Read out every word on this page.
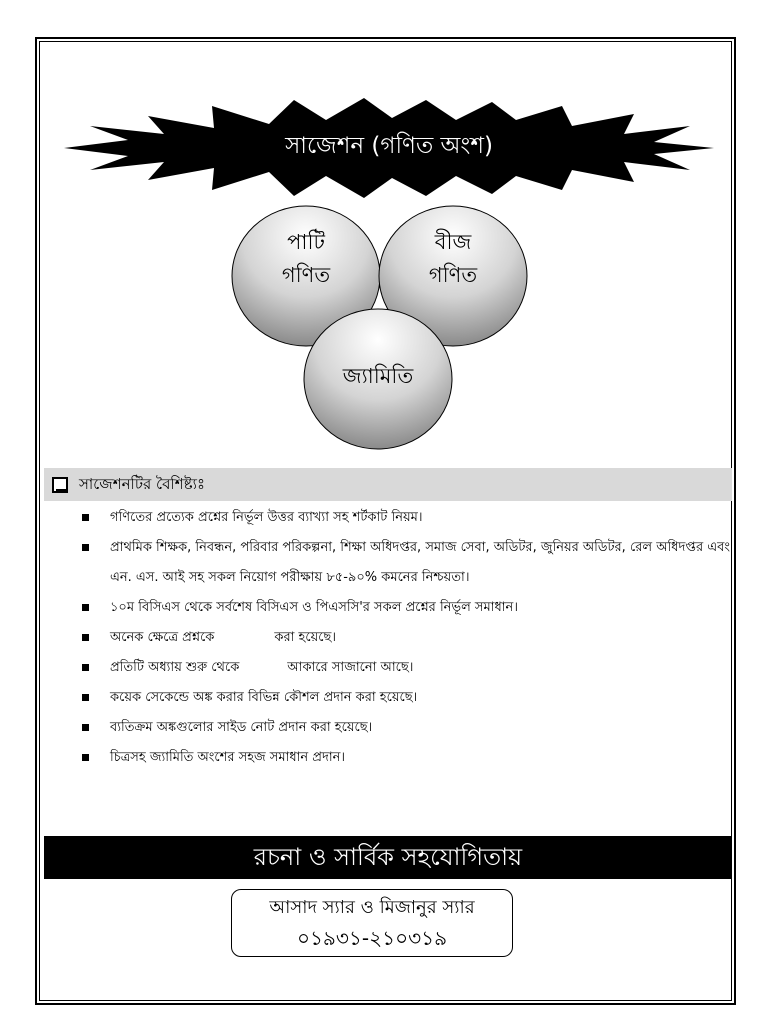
সাজেশন (গণিত অংশ)
পাটি
গণিত
বীজ
গণিত
জ্যামিতি
সাজেশনটির বৈশিষ্ট্যঃ
গণিতের প্রত্যেক প্রশ্নের নির্ভূল উত্তর ব্যাখ্যা সহ শর্টকাট নিয়ম।
প্রাথমিক শিক্ষক, নিবন্ধন, পরিবার পরিকল্পনা, শিক্ষা অধিদপ্তর, সমাজ সেবা, অডিটর, জুনিয়র অডিটর, রেল অধিদপ্তর এবং এন. এস. আই সহ সকল নিয়োগ পরীক্ষায় ৮৫-৯০% কমনের নিশ্চয়তা।
১০ম বিসিএস থেকে সর্বশেষ বিসিএস ও পিএসসি'র সকল প্রশ্নের নির্ভূল সমাধান।
অনেক ক্ষেত্রে প্রশ্নকে	করা হয়েছে।
প্রতিটি অধ্যায় শুরু থেকে	আকারে সাজানো আছে।
কয়েক সেকেন্ডে অঙ্ক করার বিভিন্ন কৌশল প্রদান করা হয়েছে।
ব্যতিক্রম অঙ্কগুলোর সাইড নোট প্রদান করা হয়েছে।
চিত্রসহ জ্যামিতি অংশের সহজ সমাধান প্রদান।
রচনা ও সার্বিক সহযোগিতায়
আসাদ স্যার ও মিজানুর স্যার
০১৯৩১-২১০৩১৯
